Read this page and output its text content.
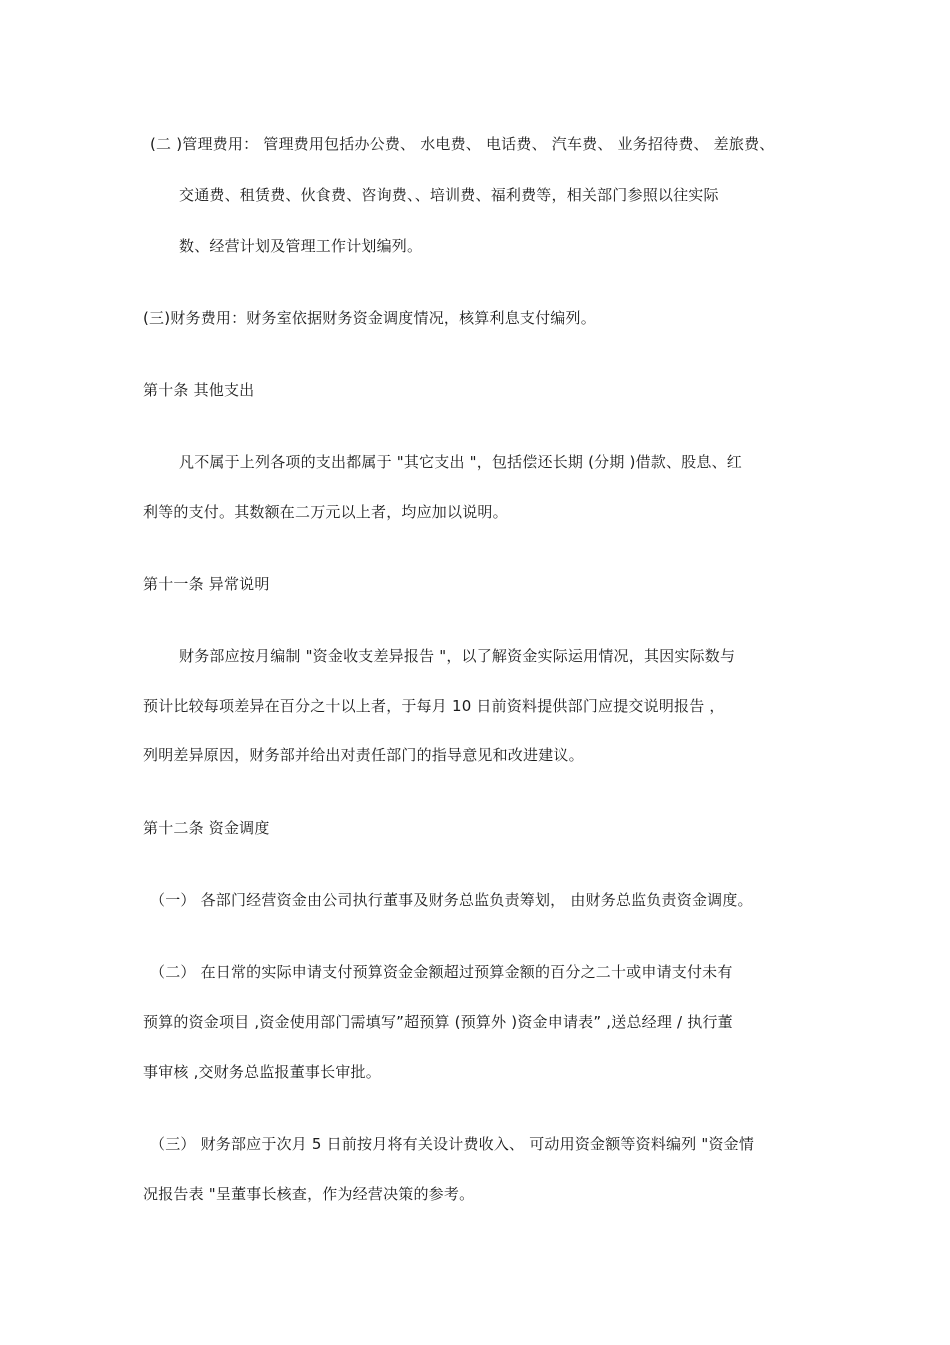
(二 )管理费用： 管理费用包括办公费、 水电费、 电话费、 汽车费、 业务招待费、 差旅费、
交通费、租赁费、伙食费、咨询费、、培训费、福利费等，相关部门参照以往实际
数、经营计划及管理工作计划编列。
(三)财务费用：财务室依据财务资金调度情况，核算利息支付编列。
第十条 其他支出
凡不属于上列各项的支出都属于 "其它支出 "，包括偿还长期 (分期 )借款、股息、红
利等的支付。其数额在二万元以上者，均应加以说明。
第十一条 异常说明
财务部应按月编制 "资金收支差异报告 "，以了解资金实际运用情况，其因实际数与
预计比较每项差异在百分之十以上者，于每月 10 日前资料提供部门应提交说明报告 ，
列明差异原因，财务部并给出对责任部门的指导意见和改进建议。
第十二条 资金调度
（一） 各部门经营资金由公司执行董事及财务总监负责筹划， 由财务总监负责资金调度。
（二） 在日常的实际申请支付预算资金金额超过预算金额的百分之二十或申请支付未有
预算的资金项目 ,资金使用部门需填写”超预算 (预算外 )资金申请表” ,送总经理 / 执行董
事审核 ,交财务总监报董事长审批。
（三） 财务部应于次月 5 日前按月将有关设计费收入、 可动用资金额等资料编列 "资金情
况报告表 "呈董事长核查，作为经营决策的参考。
